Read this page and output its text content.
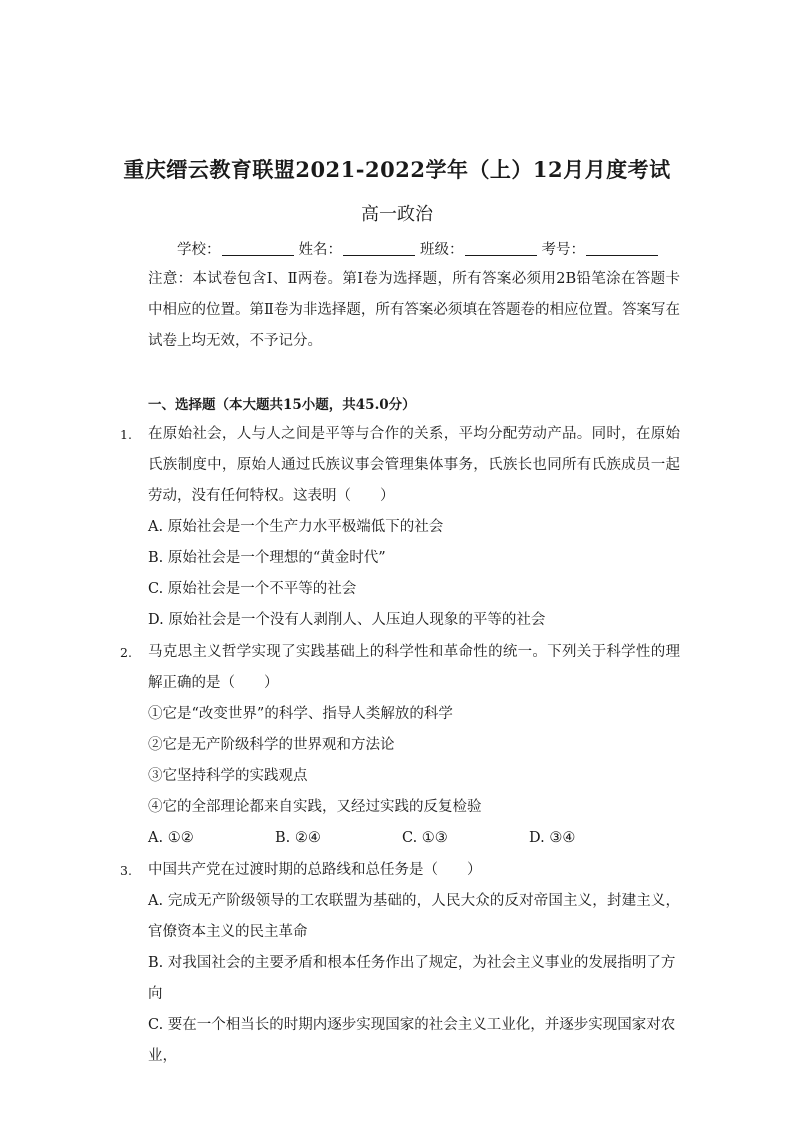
重庆缙云教育联盟2021-2022学年（上）12月月度考试
高一政治
学校：	姓名：	班级：	考号：
注意：本试卷包含Ⅰ、Ⅱ两卷。第Ⅰ卷为选择题，所有答案必须用2B铅笔涂在答题卡中相应的位置。第Ⅱ卷为非选择题，所有答案必须填在答题卷的相应位置。答案写在试卷上均无效，不予记分。
一、选择题（本大题共15小题，共45.0分）
1. 在原始社会，人与人之间是平等与合作的关系，平均分配劳动产品。同时，在原始氏族制度中，原始人通过氏族议事会管理集体事务，氏族长也同所有氏族成员一起劳动，没有任何特权。这表明（　　）
A. 原始社会是一个生产力水平极端低下的社会
B. 原始社会是一个理想的“黄金时代”
C. 原始社会是一个不平等的社会
D. 原始社会是一个没有人剥削人、人压迫人现象的平等的社会
2. 马克思主义哲学实现了实践基础上的科学性和革命性的统一。下列关于科学性的理解正确的是（　　）
①它是“改变世界”的科学、指导人类解放的科学
②它是无产阶级科学的世界观和方法论
③它坚持科学的实践观点
④它的全部理论都来自实践，又经过实践的反复检验
A. ①②	B. ②④	C. ①③	D. ③④
3. 中国共产党在过渡时期的总路线和总任务是（　　）
A. 完成无产阶级领导的工农联盟为基础的，人民大众的反对帝国主义，封建主义，官僚资本主义的民主革命
B. 对我国社会的主要矛盾和根本任务作出了规定，为社会主义事业的发展指明了方向
C. 要在一个相当长的时期内逐步实现国家的社会主义工业化，并逐步实现国家对农业，
